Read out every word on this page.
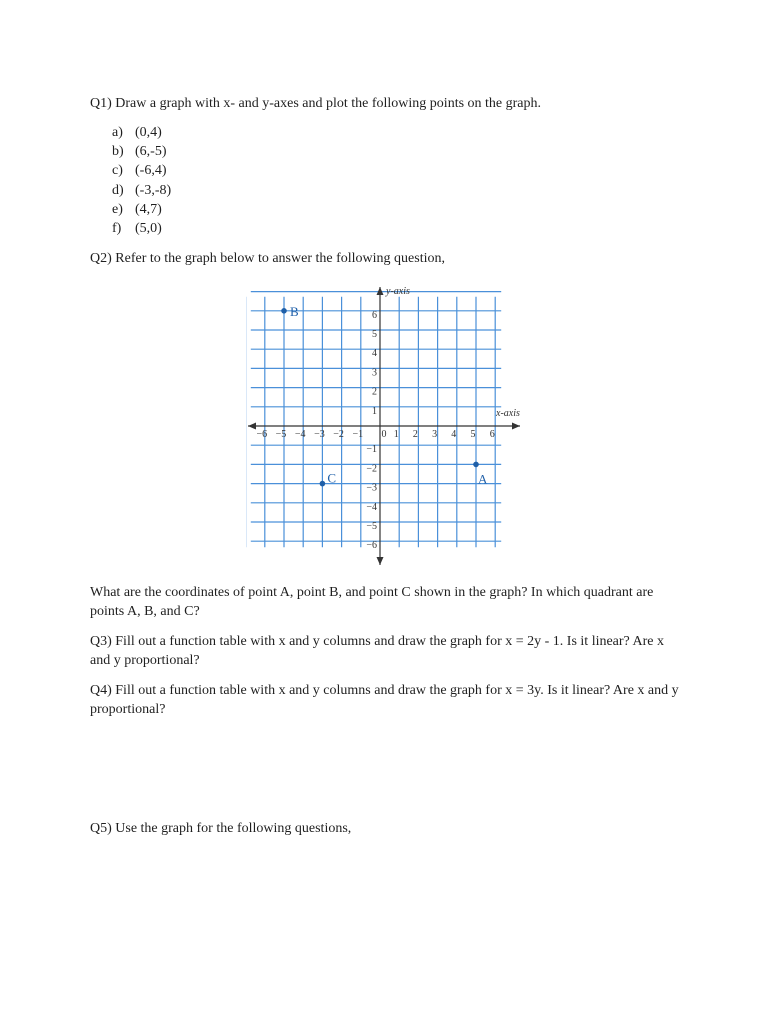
Q1) Draw a graph with x- and y-axes and plot the following points on the graph.

a) (0,4)
b) (6,-5)
c) (-6,4)
d) (-3,-8)
e) (4,7)
f) (5,0)

Q2) Refer to the graph below to answer the following question,

−6 −5 −4 −3 −2 −1 0 1 2 3 4 5 6
6
5
4
3
2
1
−1
−2
−3
−4
−5
−6
B
A
C
x-axis
y-axis

What are the coordinates of point A, point B, and point C shown in the graph? In which quadrant are points A, B, and C?

Q3) Fill out a function table with x and y columns and draw the graph for x = 2y - 1. Is it linear? Are x and y proportional?

Q4) Fill out a function table with x and y columns and draw the graph for x = 3y. Is it linear? Are x and y proportional?

Q5) Use the graph for the following questions,
